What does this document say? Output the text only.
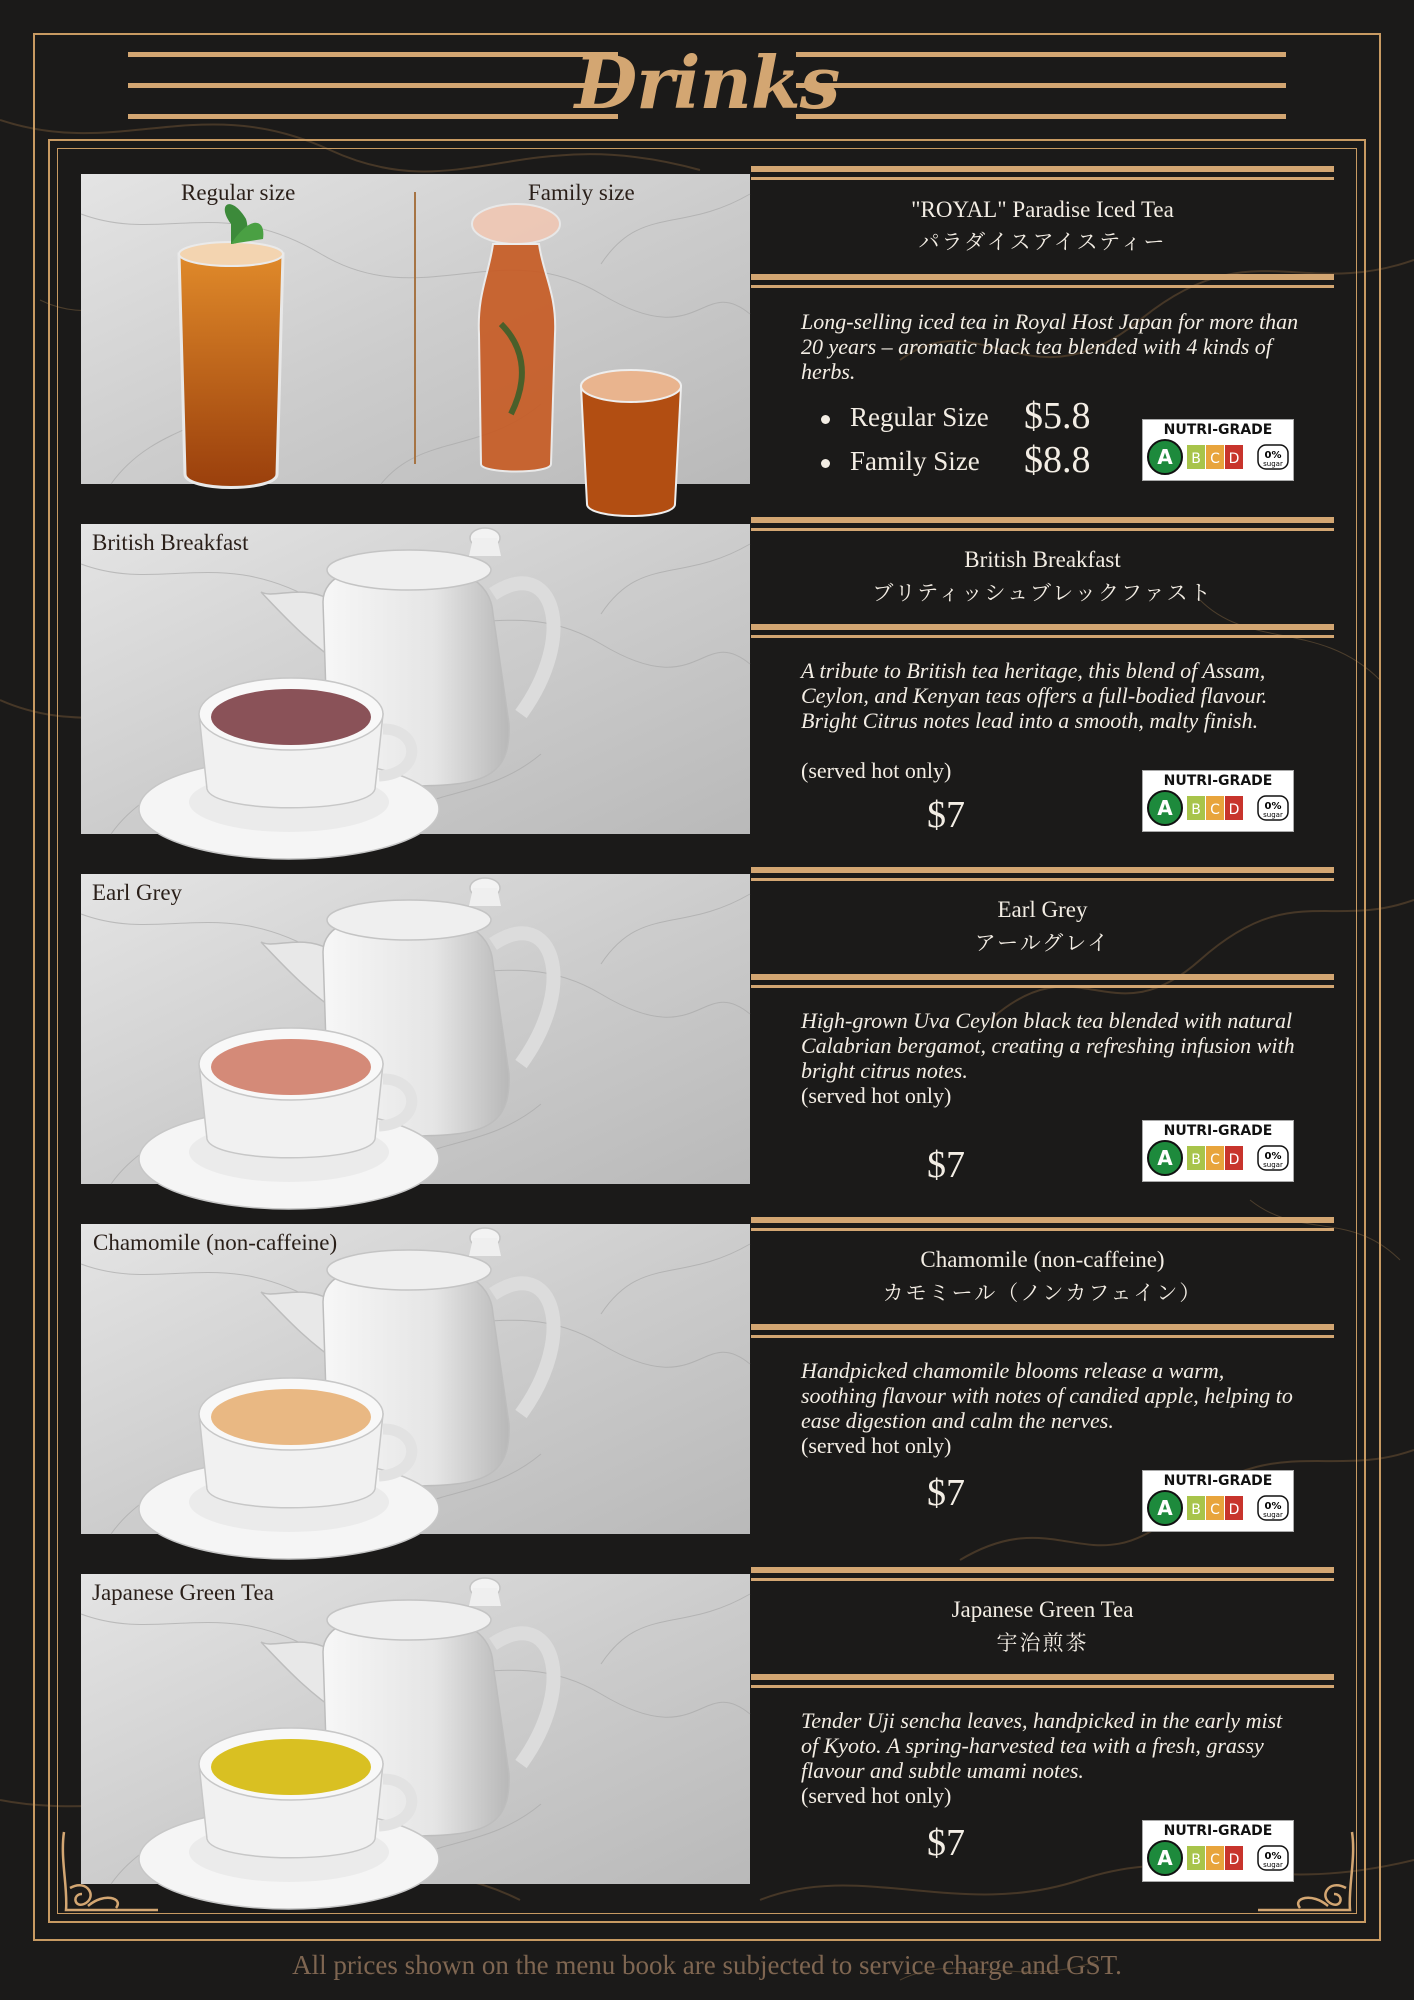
Drinks
Regular size	Family size
"ROYAL" Paradise Iced Tea
パラダイスアイスティー
Long-selling iced tea in Royal Host Japan for more than 20 years – aromatic black tea blended with 4 kinds of herbs.
Regular Size $5.8
Family Size $8.8
NUTRI-GRADE
B C D
A	0%
sugar
British Breakfast
British Breakfast
ブリティッシュブレックファスト
A tribute to British tea heritage, this blend of Assam, Ceylon, and Kenyan teas offers a full-bodied flavour. Bright Citrus notes lead into a smooth, malty finish.
(served hot only)
$7
NUTRI-GRADE
B C D
A	0%
sugar
Earl Grey
Earl Grey
アールグレイ
High-grown Uva Ceylon black tea blended with natural Calabrian bergamot, creating a refreshing infusion with bright citrus notes.
(served hot only)
$7
NUTRI-GRADE
B C D
A	0%
sugar
Chamomile (non-caffeine)
Chamomile (non-caffeine)
カモミール（ノンカフェイン）
Handpicked chamomile blooms release a warm, soothing flavour with notes of candied apple, helping to ease digestion and calm the nerves.
(served hot only)
$7	NUTRI-GRADE
B C D
A	0%
sugar
Japanese Green Tea
Japanese Green Tea
宇治煎茶
Tender Uji sencha leaves, handpicked in the early mist of Kyoto. A spring-harvested tea with a fresh, grassy flavour and subtle umami notes.
(served hot only)
$7	NUTRI-GRADE
B C D
A	0%
sugar
All prices shown on the menu book are subjected to service charge and GST.
